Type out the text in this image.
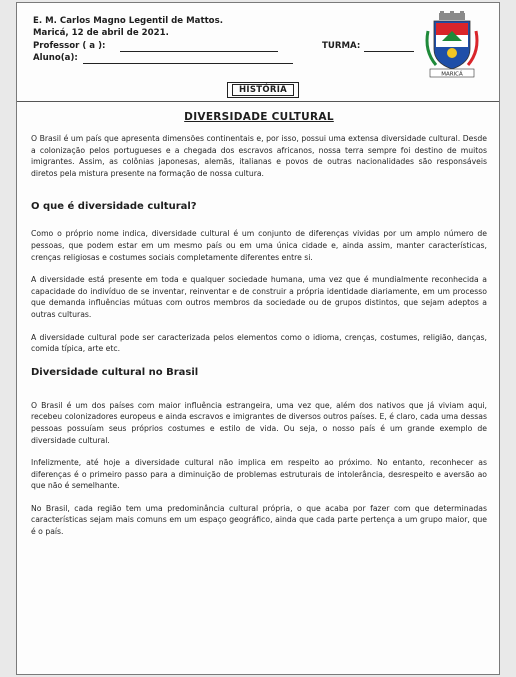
E. M. Carlos Magno Legentil de Mattos.
Maricá, 12 de abril de 2021.
Professor ( a ):	TURMA:
Aluno(a):
MARICÁ
HISTÓRIA
DIVERSIDADE CULTURAL

O Brasil é um país que apresenta dimensões continentais e, por isso, possui uma extensa diversidade cultural. Desde a colonização pelos portugueses e a chegada dos escravos africanos, nossa terra sempre foi destino de muitos imigrantes. Assim, as colônias japonesas, alemãs, italianas e povos de outras nacionalidades são responsáveis diretos pela mistura presente na formação de nossa cultura.

O que é diversidade cultural?

Como o próprio nome indica, diversidade cultural é um conjunto de diferenças vividas por um amplo número de pessoas, que podem estar em um mesmo país ou em uma única cidade e, ainda assim, manter características, crenças religiosas e costumes sociais completamente diferentes entre si.

A diversidade está presente em toda e qualquer sociedade humana, uma vez que é mundialmente reconhecida a capacidade do indivíduo de se inventar, reinventar e de construir a própria identidade diariamente, em um processo que demanda influências mútuas com outros membros da sociedade ou de grupos distintos, que sejam adeptos a outras culturas.

A diversidade cultural pode ser caracterizada pelos elementos como o idioma, crenças, costumes, religião, danças, comida típica, arte etc.

Diversidade cultural no Brasil

O Brasil é um dos países com maior influência estrangeira, uma vez que, além dos nativos que já viviam aqui, recebeu colonizadores europeus e ainda escravos e imigrantes de diversos outros países. E, é claro, cada uma dessas pessoas possuíam seus próprios costumes e estilo de vida. Ou seja, o nosso país é um grande exemplo de diversidade cultural.

Infelizmente, até hoje a diversidade cultural não implica em respeito ao próximo. No entanto, reconhecer as diferenças é o primeiro passo para a diminuição de problemas estruturais de intolerância, desrespeito e aversão ao que não é semelhante.

No Brasil, cada região tem uma predominância cultural própria, o que acaba por fazer com que determinadas características sejam mais comuns em um espaço geográfico, ainda que cada parte pertença a um grupo maior, que é o país.
